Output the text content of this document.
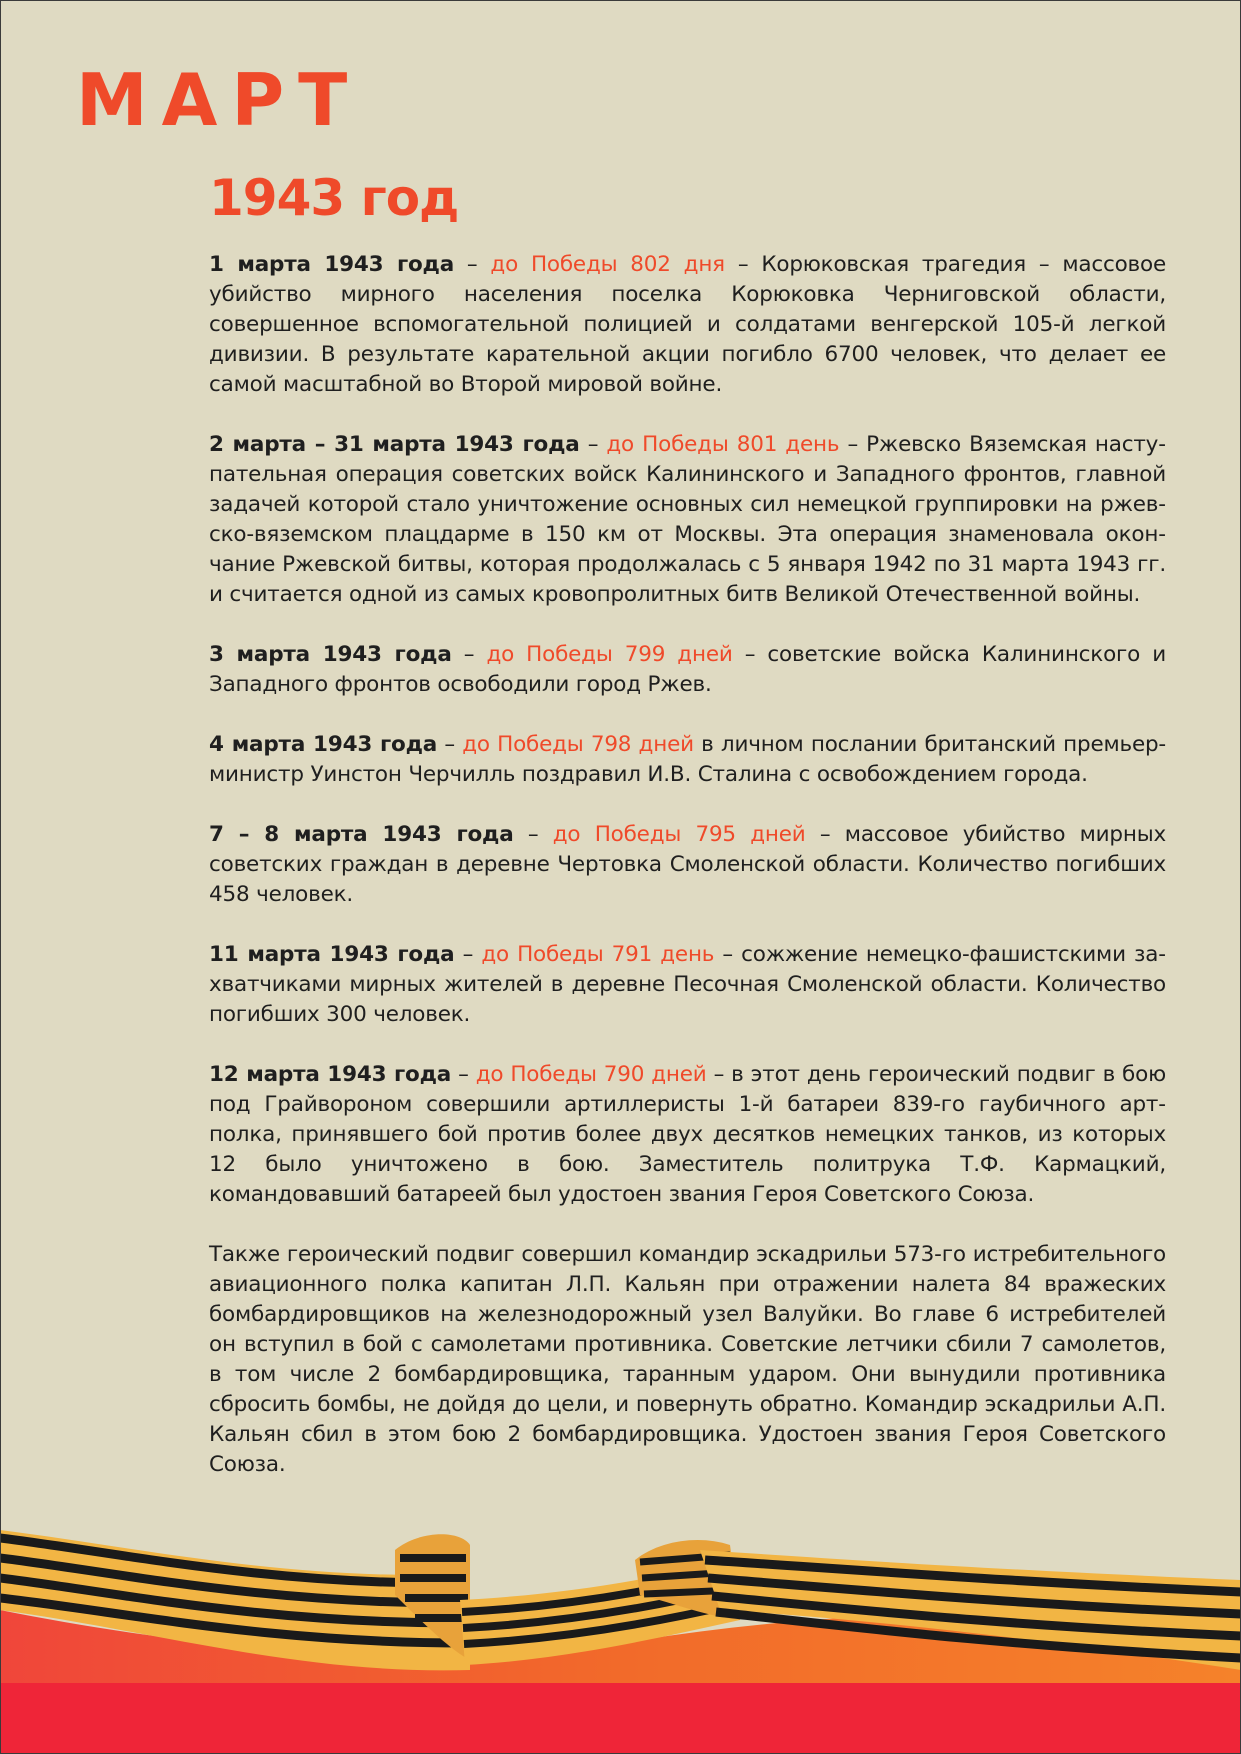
МАРТ
1943 год

1 марта 1943 года – до Победы 802 дня – Корюковская трагедия – массовое убийство мирного населения поселка Корюковка Черниговской области, совершенное вспомогательной полицией и солдатами венгерской 105-й легкой дивизии. В результате карательной акции погибло 6700 человек, что делает ее самой масштабной во Второй мировой войне.

2 марта – 31 марта 1943 года – до Победы 801 день – Ржевско Вяземская наступательная операция советских войск Калининского и Западного фронтов, главной задачей которой стало уничтожение основных сил немецкой группировки на ржевско-вяземском плацдарме в 150 км от Москвы. Эта операция знаменовала окончание Ржевской битвы, которая продолжалась с 5 января 1942 по 31 марта 1943 гг. и считается одной из самых кровопролитных битв Великой Отечественной войны.

3 марта 1943 года – до Победы 799 дней – советские войска Калининского и Западного фронтов освободили город Ржев.

4 марта 1943 года – до Победы 798 дней в личном послании британский премьер-министр Уинстон Черчилль поздравил И.В. Сталина с освобождением города.

7 – 8 марта 1943 года – до Победы 795 дней – массовое убийство мирных советских граждан в деревне Чертовка Смоленской области. Количество погибших 458 человек.

11 марта 1943 года – до Победы 791 день – сожжение немецко-фашистскими захватчиками мирных жителей в деревне Песочная Смоленской области. Количество погибших 300 человек.

12 марта 1943 года – до Победы 790 дней – в этот день героический подвиг в бою под Грайвороном совершили артиллеристы 1-й батареи 839-го гаубичного артполка, принявшего бой против более двух десятков немецких танков, из которых 12 было уничтожено в бою. Заместитель политрука Т.Ф. Кармацкий, командовавший батареей был удостоен звания Героя Советского Союза.

Также героический подвиг совершил командир эскадрильи 573-го истребительного авиационного полка капитан Л.П. Кальян при отражении налета 84 вражеских бомбардировщиков на железнодорожный узел Валуйки. Во главе 6 истребителей он вступил в бой с самолетами противника. Советские летчики сбили 7 самолетов, в том числе 2 бомбардировщика, таранным ударом. Они вынудили противника сбросить бомбы, не дойдя до цели, и повернуть обратно. Командир эскадрильи А.П. Кальян сбил в этом бою 2 бомбардировщика. Удостоен звания Героя Советского Союза.
